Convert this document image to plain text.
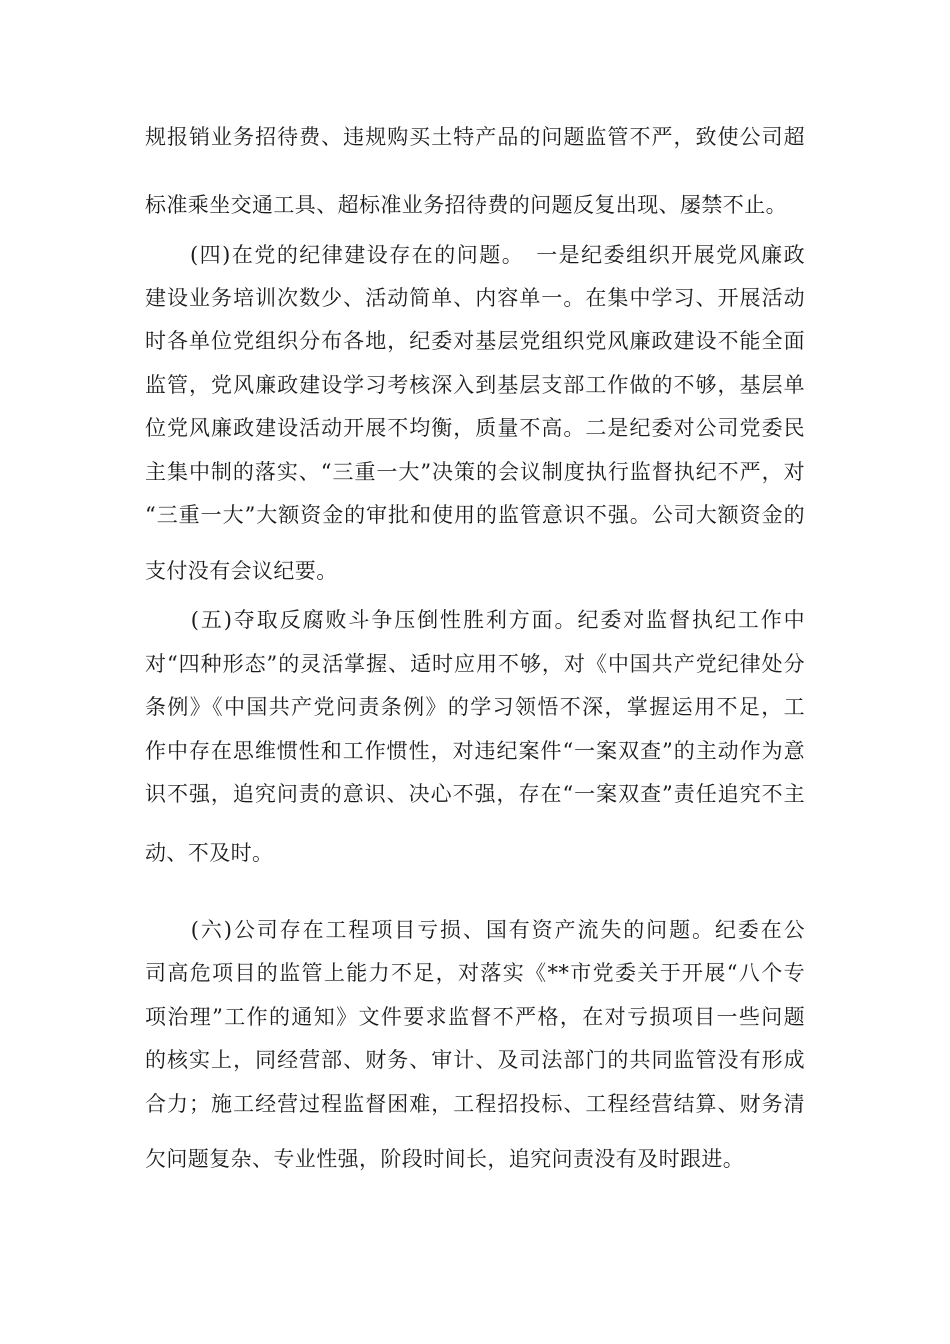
规报销业务招待费、违规购买土特产品的问题监管不严，致使公司超
标准乘坐交通工具、超标准业务招待费的问题反复出现、屡禁不止。
　　(四)在党的纪律建设存在的问题。　一是纪委组织开展党风廉政
建设业务培训次数少、活动简单、内容单一。在集中学习、开展活动
时各单位党组织分布各地，纪委对基层党组织党风廉政建设不能全面
监管，党风廉政建设学习考核深入到基层支部工作做的不够，基层单
位党风廉政建设活动开展不均衡，质量不高。二是纪委对公司党委民
主集中制的落实、“三重一大”决策的会议制度执行监督执纪不严，对
“三重一大”大额资金的审批和使用的监管意识不强。公司大额资金的
支付没有会议纪要。
　　(五)夺取反腐败斗争压倒性胜利方面。纪委对监督执纪工作中
对“四种形态”的灵活掌握、适时应用不够，对《中国共产党纪律处分
条例》《中国共产党问责条例》的学习领悟不深，掌握运用不足，工
作中存在思维惯性和工作惯性，对违纪案件“一案双查”的主动作为意
识不强，追究问责的意识、决心不强，存在“一案双查”责任追究不主
动、不及时。
　　(六)公司存在工程项目亏损、国有资产流失的问题。纪委在公
司高危项目的监管上能力不足，对落实《**市党委关于开展“八个专
项治理”工作的通知》文件要求监督不严格，在对亏损项目一些问题
的核实上，同经营部、财务、审计、及司法部门的共同监管没有形成
合力；施工经营过程监督困难，工程招投标、工程经营结算、财务清
欠问题复杂、专业性强，阶段时间长，追究问责没有及时跟进。
